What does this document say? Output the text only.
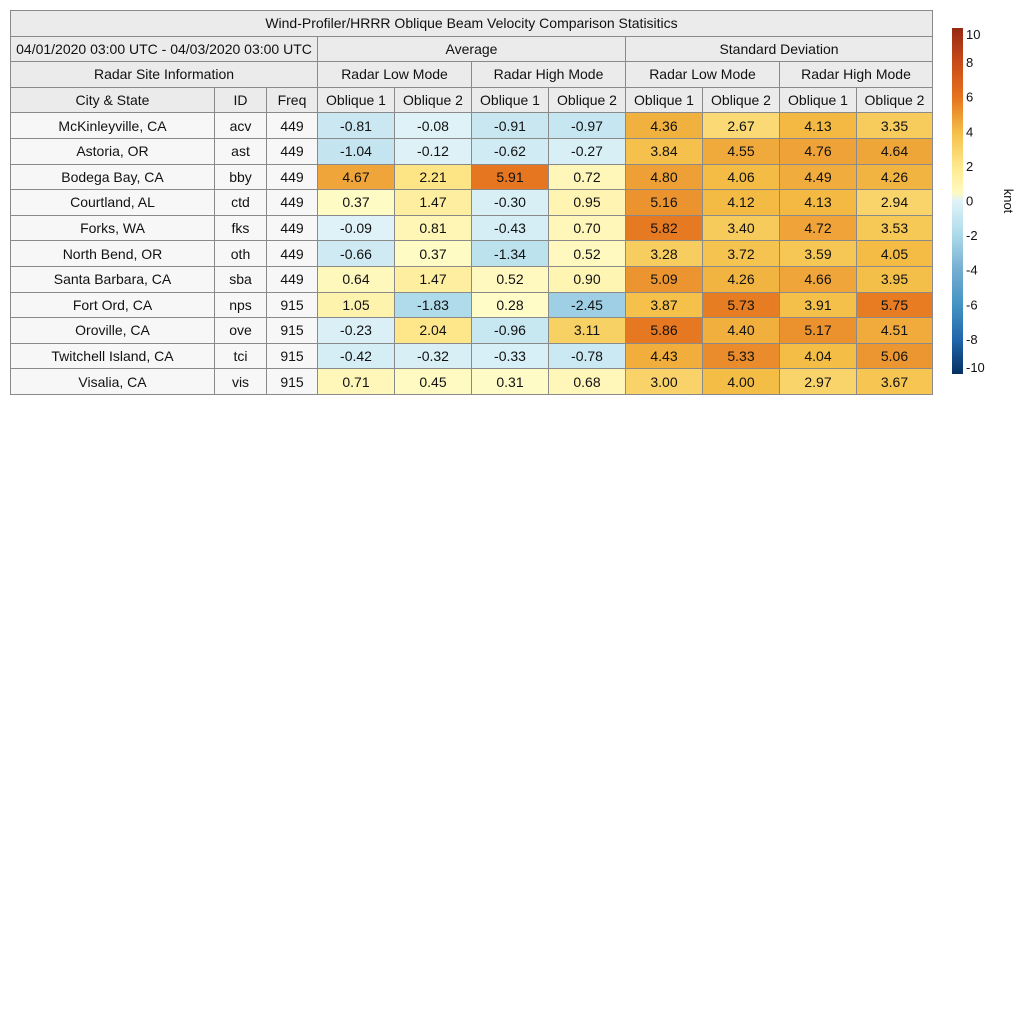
Wind-Profiler/HRRR Oblique Beam Velocity Comparison Statisitics										
04/01/2020 03:00 UTC - 04/03/2020 03:00 UTC			Average				Standard Deviation			
Radar Site Information			Radar Low Mode		Radar High Mode		Radar Low Mode		Radar High Mode	
City & State	ID	Freq	Oblique 1	Oblique 2	Oblique 1	Oblique 2	Oblique 1	Oblique 2	Oblique 1	Oblique 2
McKinleyville, CA	acv	449	-0.81	-0.08	-0.91	-0.97	4.36	2.67	4.13	3.35
Astoria, OR	ast	449	-1.04	-0.12	-0.62	-0.27	3.84	4.55	4.76	4.64
Bodega Bay, CA	bby	449	4.67	2.21	5.91	0.72	4.80	4.06	4.49	4.26
Courtland, AL	ctd	449	0.37	1.47	-0.30	0.95	5.16	4.12	4.13	2.94
Forks, WA	fks	449	-0.09	0.81	-0.43	0.70	5.82	3.40	4.72	3.53
North Bend, OR	oth	449	-0.66	0.37	-1.34	0.52	3.28	3.72	3.59	4.05
Santa Barbara, CA	sba	449	0.64	1.47	0.52	0.90	5.09	4.26	4.66	3.95
Fort Ord, CA	nps	915	1.05	-1.83	0.28	-2.45	3.87	5.73	3.91	5.75
Oroville, CA	ove	915	-0.23	2.04	-0.96	3.11	5.86	4.40	5.17	4.51
Twitchell Island, CA	tci	915	-0.42	-0.32	-0.33	-0.78	4.43	5.33	4.04	5.06
Visalia, CA	vis	915	0.71	0.45	0.31	0.68	3.00	4.00	2.97	3.67
10
8
6
4
2
0
-2
-4
-6
-8
-10
knot
